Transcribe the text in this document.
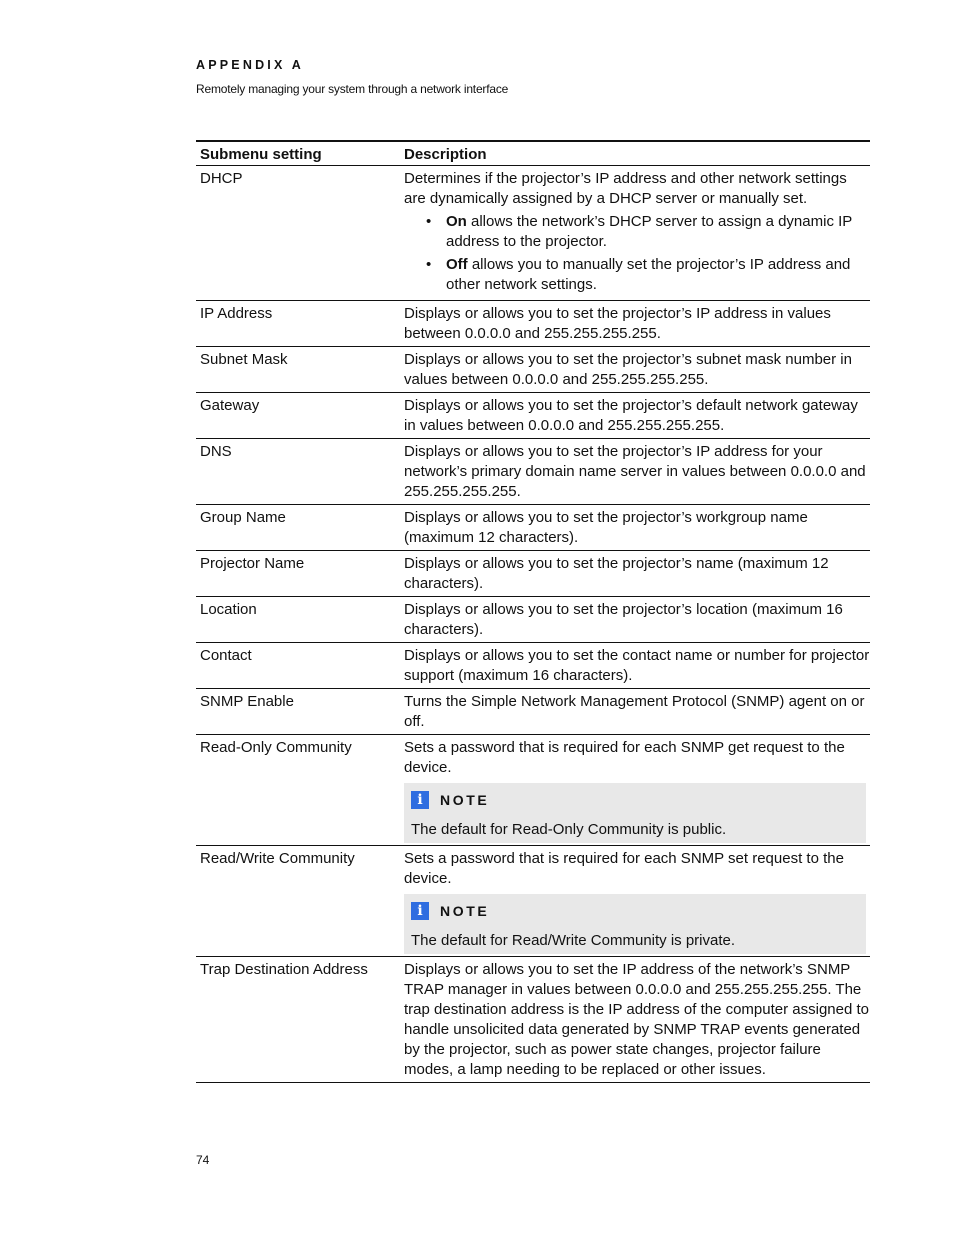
APPENDIX A
Remotely managing your system through a network interface
Submenu setting	Description
DHCP	Determines if the projector’s IP address and other network settings are dynamically assigned by a DHCP server or manually set.
• On allows the network’s DHCP server to assign a dynamic IP address to the projector.
• Off allows you to manually set the projector’s IP address and other network settings.
IP Address	Displays or allows you to set the projector’s IP address in values between 0.0.0.0 and 255.255.255.255.
Subnet Mask	Displays or allows you to set the projector’s subnet mask number in values between 0.0.0.0 and 255.255.255.255.
Gateway	Displays or allows you to set the projector’s default network gateway in values between 0.0.0.0 and 255.255.255.255.
DNS	Displays or allows you to set the projector’s IP address for your network’s primary domain name server in values between 0.0.0.0 and 255.255.255.255.
Group Name	Displays or allows you to set the projector’s workgroup name (maximum 12 characters).
Projector Name	Displays or allows you to set the projector’s name (maximum 12 characters).
Location	Displays or allows you to set the projector’s location (maximum 16 characters).
Contact	Displays or allows you to set the contact name or number for projector support (maximum 16 characters).
SNMP Enable	Turns the Simple Network Management Protocol (SNMP) agent on or off.
Read-Only Community	Sets a password that is required for each SNMP get request to the device.
i	NOTE
The default for Read-Only Community is public.
Read/Write Community	Sets a password that is required for each SNMP set request to the device.
i	NOTE
The default for Read/Write Community is private.
Trap Destination Address	Displays or allows you to set the IP address of the network’s SNMP TRAP manager in values between 0.0.0.0 and 255.255.255.255. The trap destination address is the IP address of the computer assigned to handle unsolicited data generated by SNMP TRAP events generated by the projector, such as power state changes, projector failure modes, a lamp needing to be replaced or other issues.
74
